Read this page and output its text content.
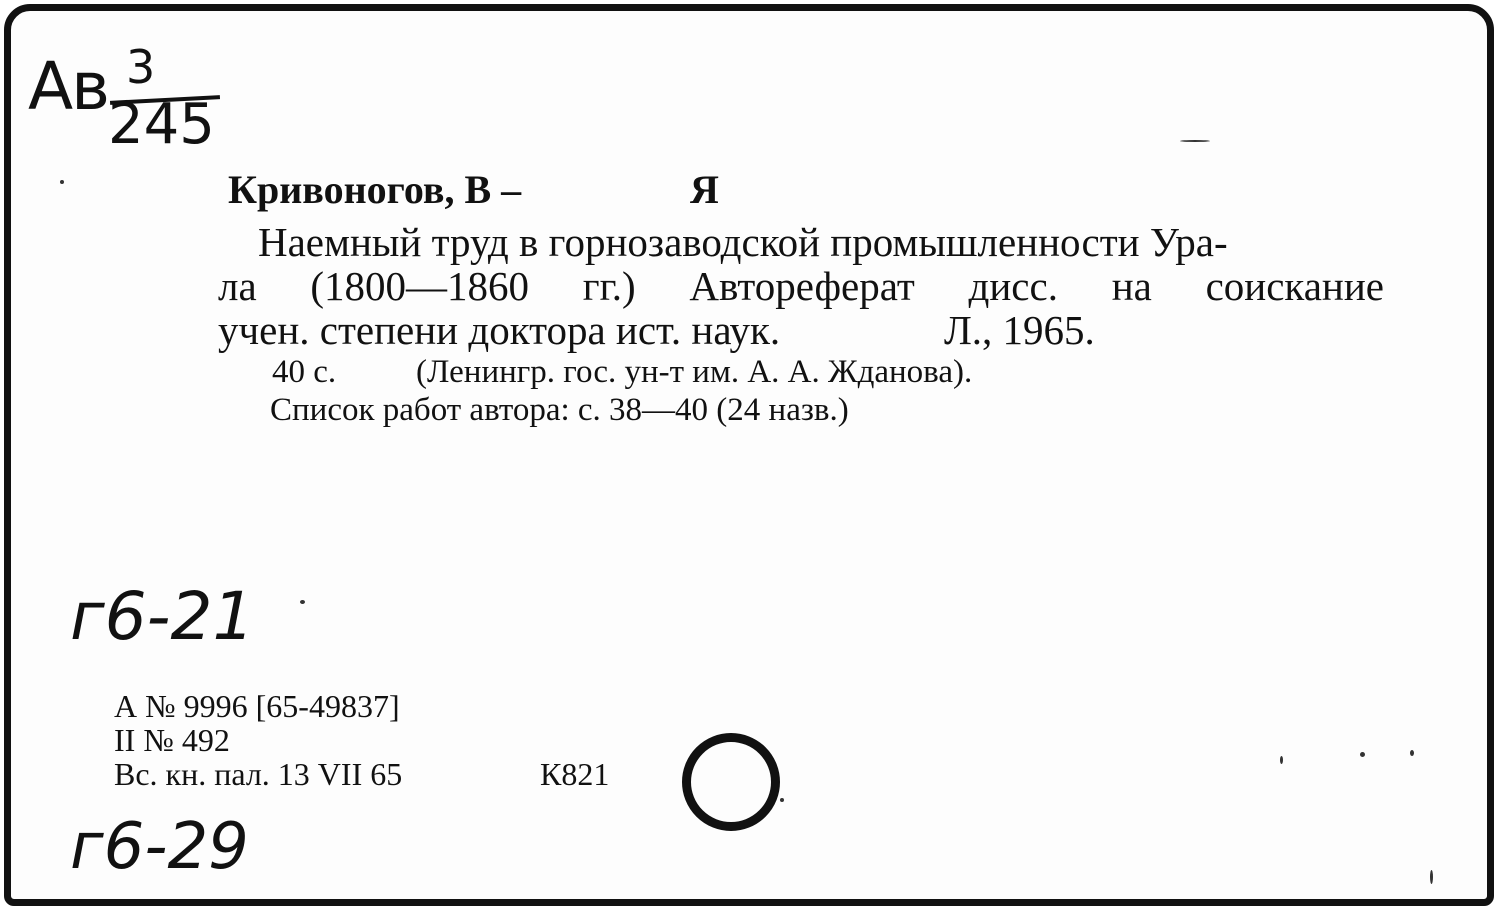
Ав 3
245
Кривоногов, В –	Я
Наемный труд в горнозаводской промышленности Ура-
ла (1800—1860 гг.) Автореферат дисс. на соискание
учен. степени доктора ист. наук.	Л., 1965.
40 с. (Ленингр. гос. ун-т им. А. А. Жданова).
Список работ автора: с. 38—40 (24 назв.)
г6-21
г6-29
А № 9996 [65-49837]
II № 492
Вс. кн. пал. 13 VII 65	К821
